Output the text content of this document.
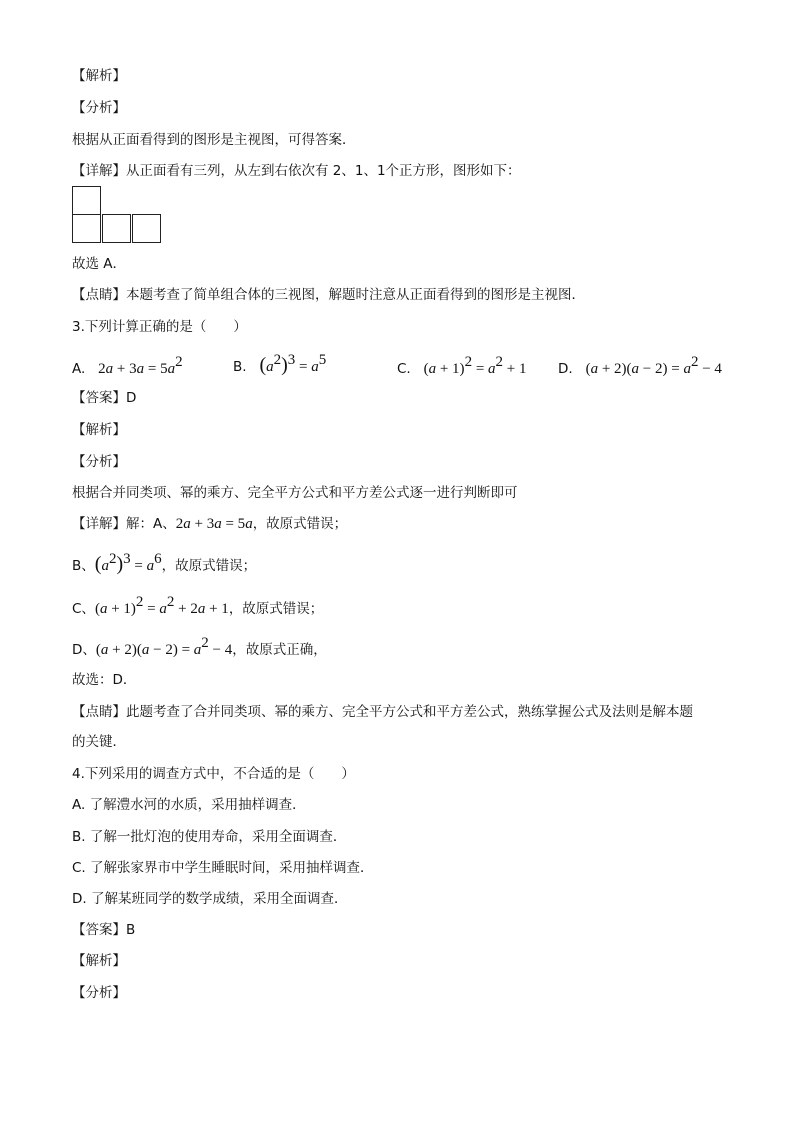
【解析】
【分析】
根据从正面看得到的图形是主视图，可得答案．
【详解】从正面看有三列，从左到右依次有 2、1、1个正方形，图形如下：
故选 A．
【点睛】本题考查了简单组合体的三视图，解题时注意从正面看得到的图形是主视图．
3.下列计算正确的是（　　）
A. $2a + 3a = 5a^2$	B. $(a^2)^3 = a^5$
C. $(a + 1)^2 = a^2 + 1$ D. $(a + 2)(a - 2) = a^2 - 4$
【答案】D
【解析】
【分析】
根据合并同类项、幂的乘方、完全平方公式和平方差公式逐一进行判断即可
【详解】解：A、2a + 3a = 5a，故原式错误；
B、$(a^2)^3 = a^6$，故原式错误；
C、$(a + 1)^2 = a^2 + 2a + 1$，故原式错误；
D、$(a + 2)(a - 2) = a^2 - 4$，故原式正确，
故选：D．
【点睛】此题考查了合并同类项、幂的乘方、完全平方公式和平方差公式，熟练掌握公式及法则是解本题
的关键．
4.下列采用的调查方式中，不合适的是（　　）
A. 了解澧水河的水质，采用抽样调查．
B. 了解一批灯泡的使用寿命，采用全面调查．
C. 了解张家界市中学生睡眠时间，采用抽样调查．
D. 了解某班同学的数学成绩，采用全面调查．
【答案】B
【解析】
【分析】
